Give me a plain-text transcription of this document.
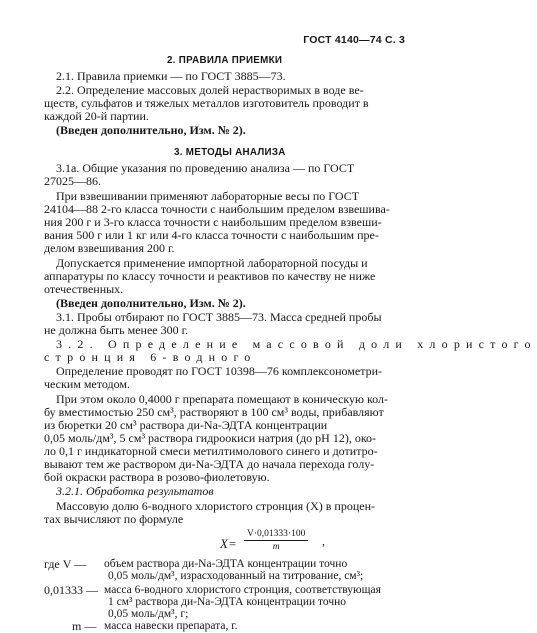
ГОСТ 4140—74 С. 3
2. ПРАВИЛА ПРИЕМКИ
2.1. Правила приемки — по ГОСТ 3885—73.
2.2. Определение массовых долей нерастворимых в воде ве-
ществ, сульфатов и тяжелых металлов изготовитель проводит в
каждой 20-й партии.
(Введен дополнительно, Изм. № 2).
3. МЕТОДЫ АНАЛИЗА
3.1а. Общие указания по проведению анализа — по ГОСТ
27025—86.
При взвешивании применяют лабораторные весы по ГОСТ
24104—88 2-го класса точности с наибольшим пределом взвешива-
ния 200 г и 3-го класса точности с наибольшим пределом взвеши-
вания 500 г или 1 кг или 4-го класса точности с наибольшим пре-
делом взвешивания 200 г.
Допускается применение импортной лабораторной посуды и
аппаратуры по классу точности и реактивов по качеству не ниже
отечественных.
(Введен дополнительно, Изм. № 2).
3.1. Пробы отбирают по ГОСТ 3885—73. Масса средней пробы
не должна быть менее 300 г.
3.2. Определение массовой доли хлористого
стронция 6-водного
Определение проводят по ГОСТ 10398—76 комплексонометри-
ческим методом.
При этом около 0,4000 г препарата помещают в коническую кол-
бу вместимостью 250 см³, растворяют в 100 см³ воды, прибавляют
из бюретки 20 см³ раствора ди-Na-ЭДТА концентрации
0,05 моль/дм³, 5 см³ раствора гидроокиси натрия (до рН 12), око-
ло 0,1 г индикаторной смеси метилтимолового синего и дотитро-
вывают тем же раствором ди-Na-ЭДТА до начала перехода голу-
бой окраски раствора в розово-фиолетовую.
3.2.1. Обработка результатов
Массовую долю 6-водного хлористого стронция (X) в процен-
тах вычисляют по формуле
$X= \frac{V\cdot 0,01333\cdot 100}{m}$ ,
где V — объем раствора ди-Na-ЭДТА концентрации точно
0,05 моль/дм³, израсходованный на титрование, см³;
0,01333 — масса 6-водного хлористого стронция, соответствующая
1 см³ раствора ди-Na-ЭДТА концентрации точно
0,05 моль/дм³, г;
m — масса навески препарата, г.
